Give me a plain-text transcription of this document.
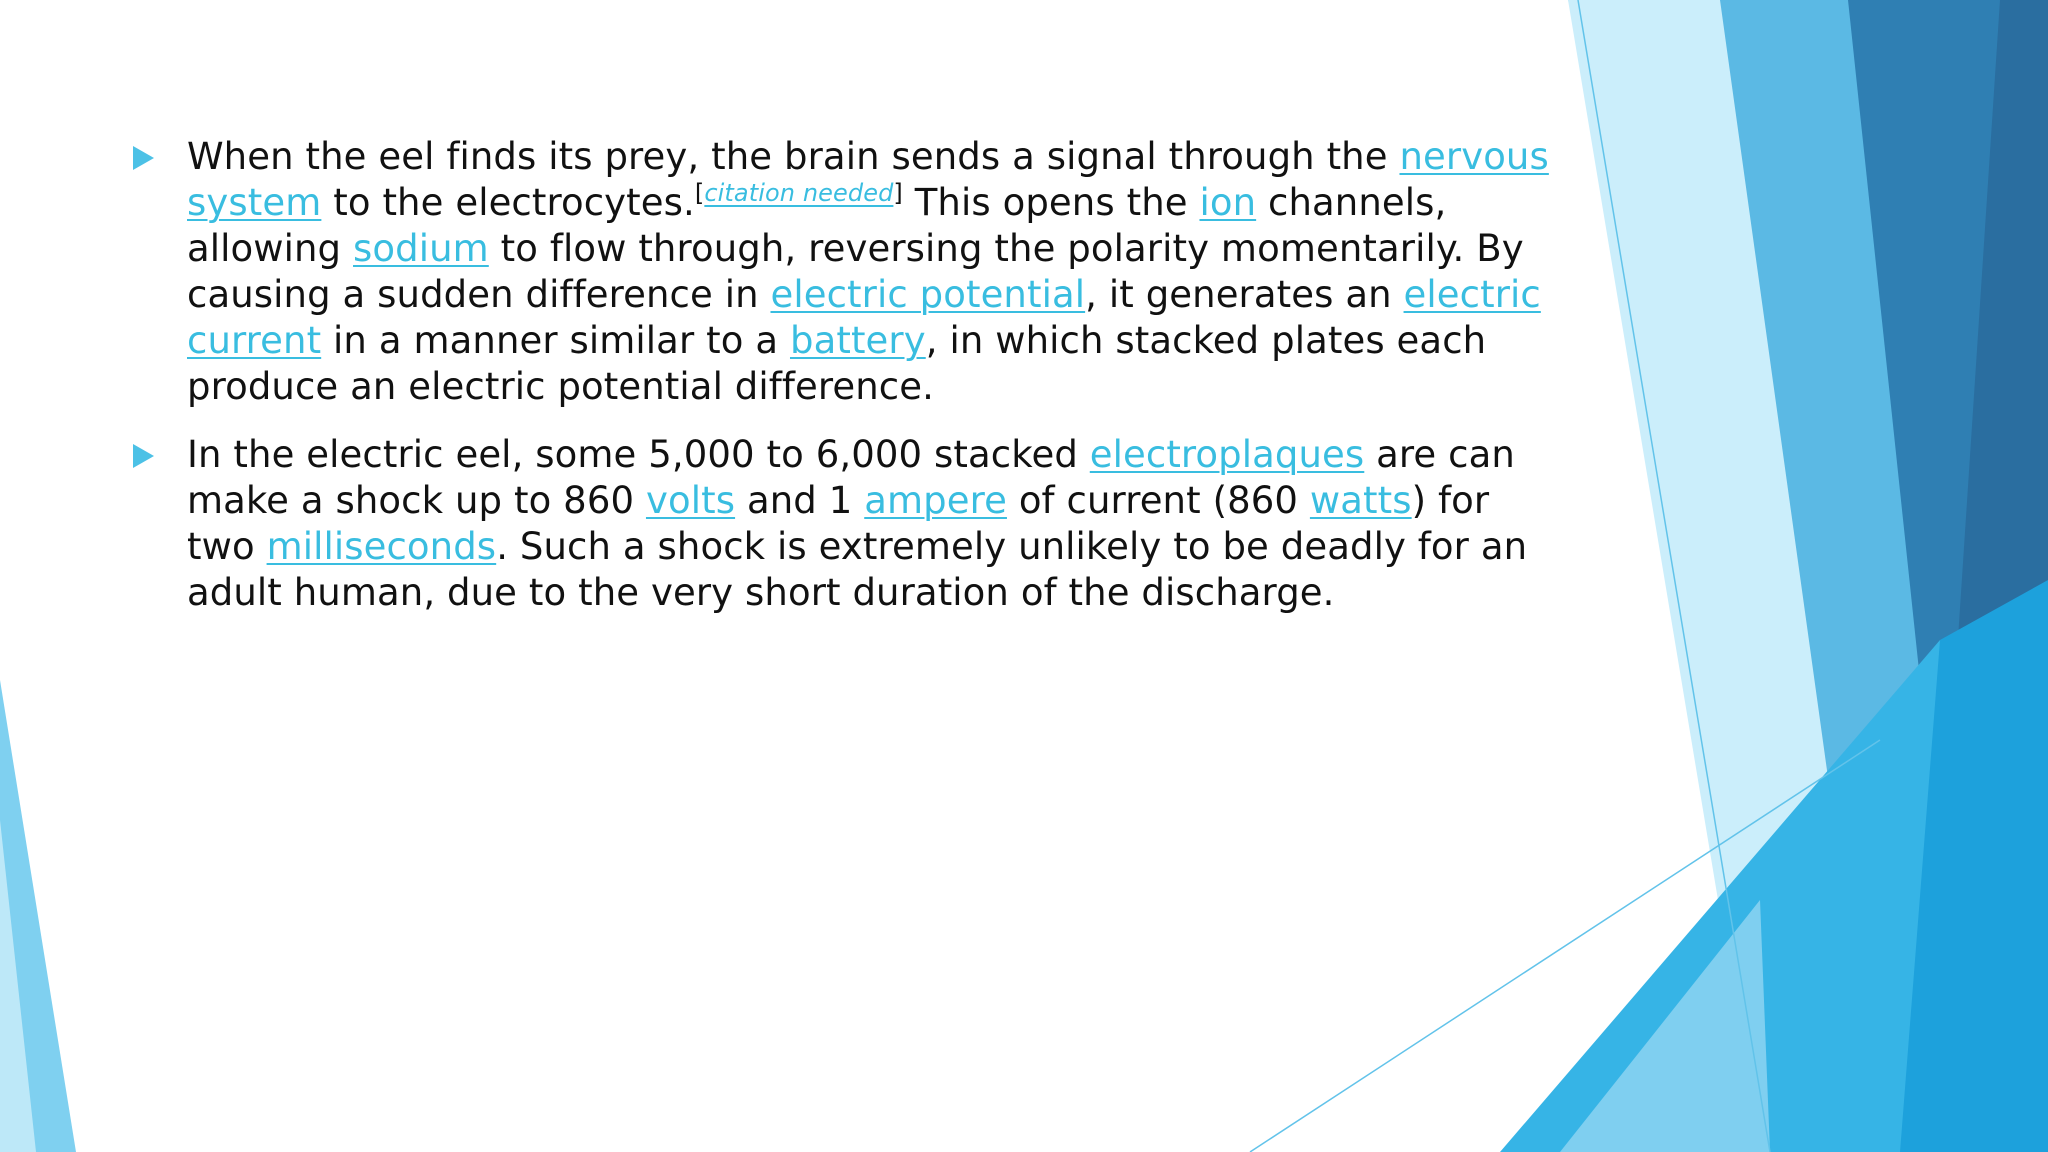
When the eel finds its prey, the brain sends a signal through the nervous system to the electrocytes.[citation needed] This opens the ion channels, allowing sodium to flow through, reversing the polarity momentarily. By causing a sudden difference in electric potential, it generates an electric current in a manner similar to a battery, in which stacked plates each produce an electric potential difference.
In the electric eel, some 5,000 to 6,000 stacked electroplaques are can make a shock up to 860 volts and 1 ampere of current (860 watts) for two milliseconds. Such a shock is extremely unlikely to be deadly for an adult human, due to the very short duration of the discharge.
